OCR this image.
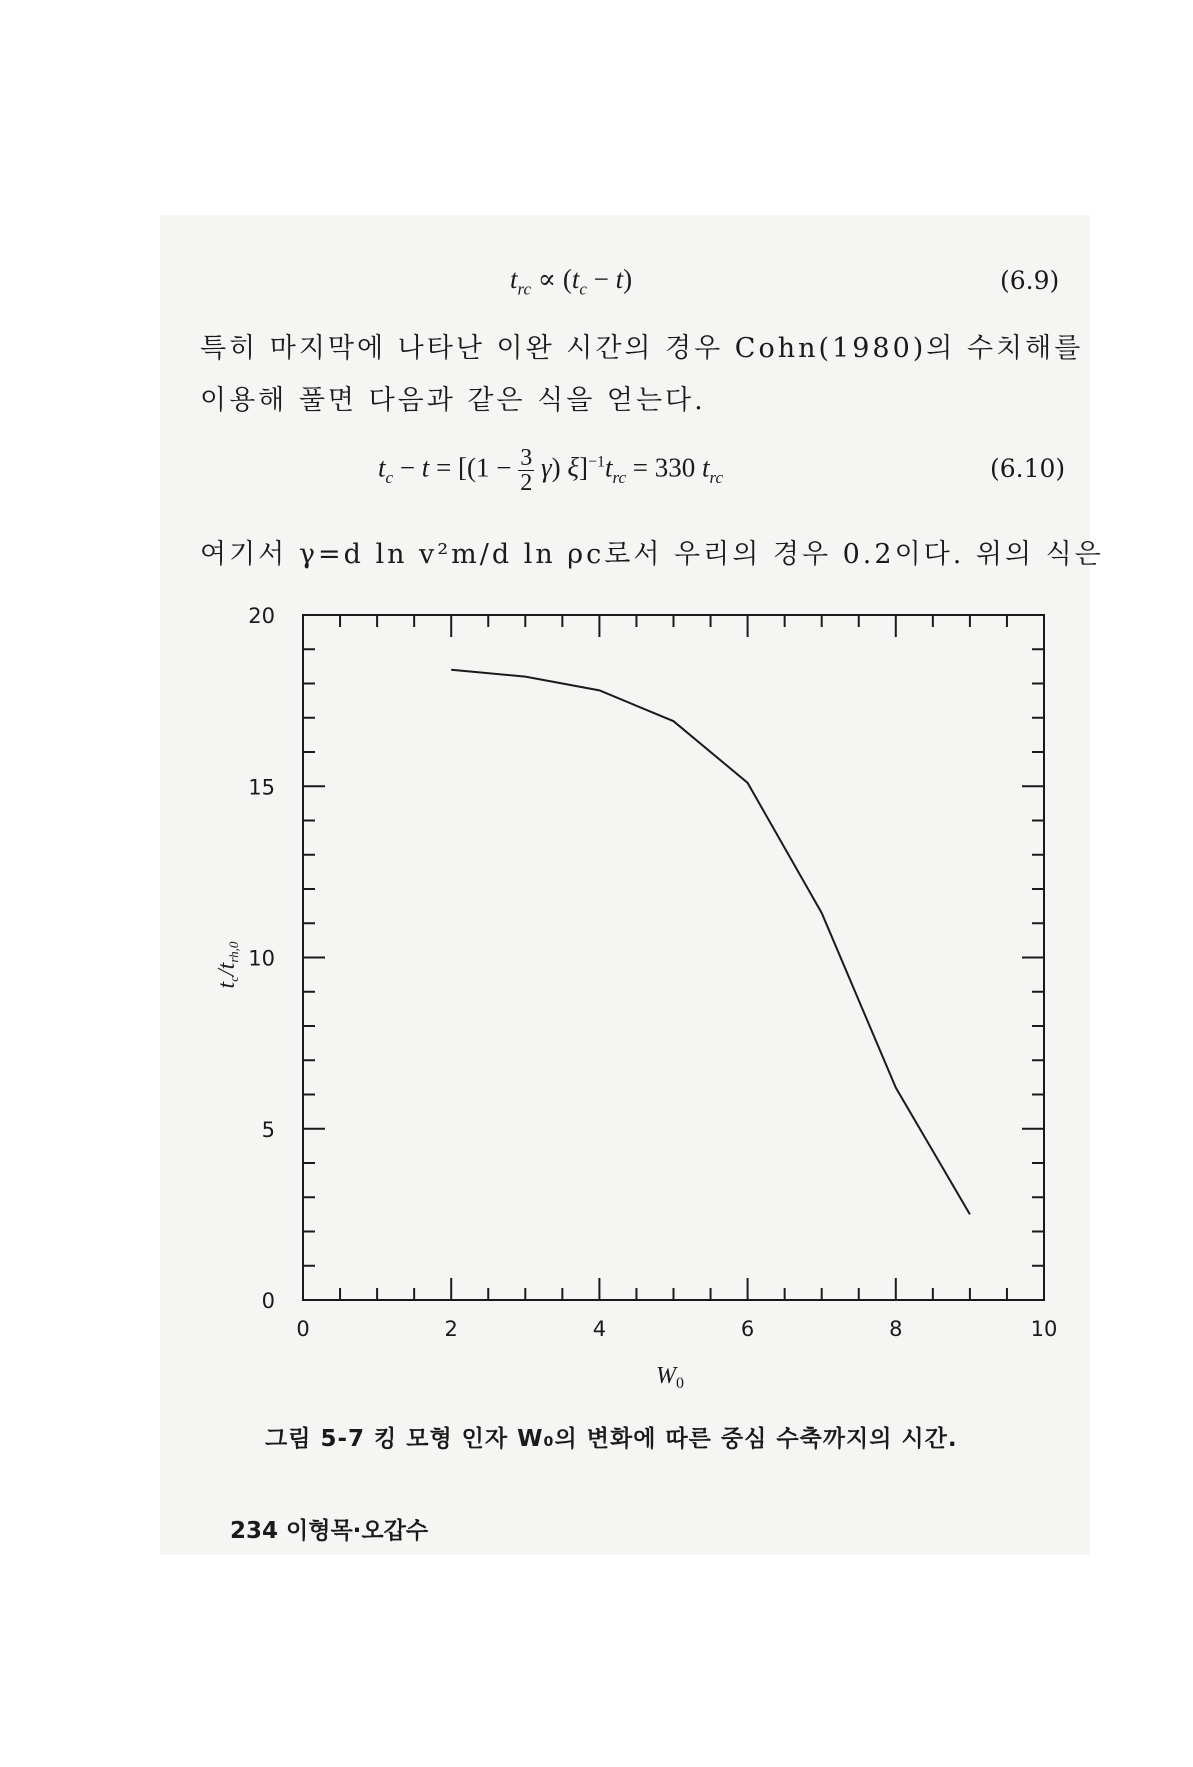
$t_{rc} \propto (t_c - t)$	(6.9)
특히 마지막에 나타난 이완 시간의 경우 Cohn(1980)의 수치해를
이용해 풀면 다음과 같은 식을 얻는다.
$t_c - t = [(1 - \frac{3}{2} \gamma) \xi]^{-1}t_{rc} = 330$ $t_{rc}$	(6.10)
여기서 γ=d ln v²m/d ln ρc로서 우리의 경우 0.2이다. 위의 식은
0	2	4	6	8	10
0
5
10
15
20
$W_0$
tc/trh,0
그림 5-7 킹 모형 인자 W₀의 변화에 따른 중심 수축까지의 시간.
234 이형목·오갑수
